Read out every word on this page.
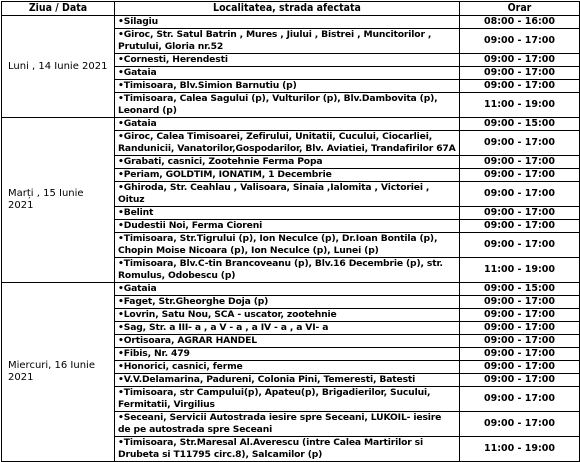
Ziua / Data	Localitatea, strada afectata	Orar
Luni , 14 Iunie 2021	•Silagiu	08:00 - 16:00
	•Giroc, Str. Satul Batrin , Mures , Jiului , Bistrei , Muncitorilor , Prutului, Gloria nr.52	09:00 - 17:00
	•Cornesti, Herendesti	09:00 - 17:00
	•Gataia	09:00 - 17:00
	•Timisoara, Blv.Simion Barnutiu (p)	09:00 - 17:00
	•Timisoara, Calea Sagului (p), Vulturilor (p), Blv.Dambovita (p), Leonard (p)	11:00 - 19:00
Marți , 15 Iunie 2021	•Gataia	09:00 - 15:00
	•Giroc, Calea Timisoarei, Zefirului, Unitatii, Cucului, Ciocarliei, Randunicii, Vanatorilor,Gospodarilor, Blv. Aviatiei, Trandafirilor 67A	09:00 - 17:00
	•Grabati, casnici, Zootehnie Ferma Popa	09:00 - 17:00
	•Periam, GOLDTIM, IONATIM, 1 Decembrie	09:00 - 17:00
	•Ghiroda, Str. Ceahlau , Valisoara, Sinaia ,Ialomita , Victoriei , Oituz	09:00 - 17:00
	•Belint	09:00 - 17:00
	•Dudestii Noi, Ferma Cioreni	09:00 - 17:00
	•Timisoara, Str.Tigrului (p), Ion Neculce (p), Dr.Ioan Bontila (p), Chopin Moise Nicoara (p), Ion Neculce (p), Lunei (p)	09:00 - 17:00
	•Timisoara, Blv.C-tin Brancoveanu (p), Blv.16 Decembrie (p), str. Romulus, Odobescu (p)	11:00 - 19:00
Miercuri, 16 Iunie 2021	•Gataia	09:00 - 15:00
	•Faget, Str.Gheorghe Doja (p)	09:00 - 17:00
	•Lovrin, Satu Nou, SCA - uscator, zootehnie	09:00 - 17:00
	•Sag, Str. a III- a , a V - a , a IV - a , a VI- a	09:00 - 17:00
	•Ortisoara, AGRAR HANDEL	09:00 - 17:00
	•Fibis, Nr. 479	09:00 - 17:00
	•Honorici, casnici, ferme	09:00 - 17:00
	•V.V.Delamarina, Padureni, Colonia Pini, Temeresti, Batesti	09:00 - 17:00
	•Timisoara, str Campului(p), Apateu(p), Brigadierilor, Sucului, Fermitatii, Virgilius	09:00 - 17:00
	•Seceani, Servicii Autostrada iesire spre Seceani, LUKOIL- iesire de pe autostrada spre Seceani	09:00 - 17:00
	•Timisoara, Str.Maresal Al.Averescu (intre Calea Martirilor si Drubeta si T11795 circ.8), Salcamilor (p)	11:00 - 19:00
